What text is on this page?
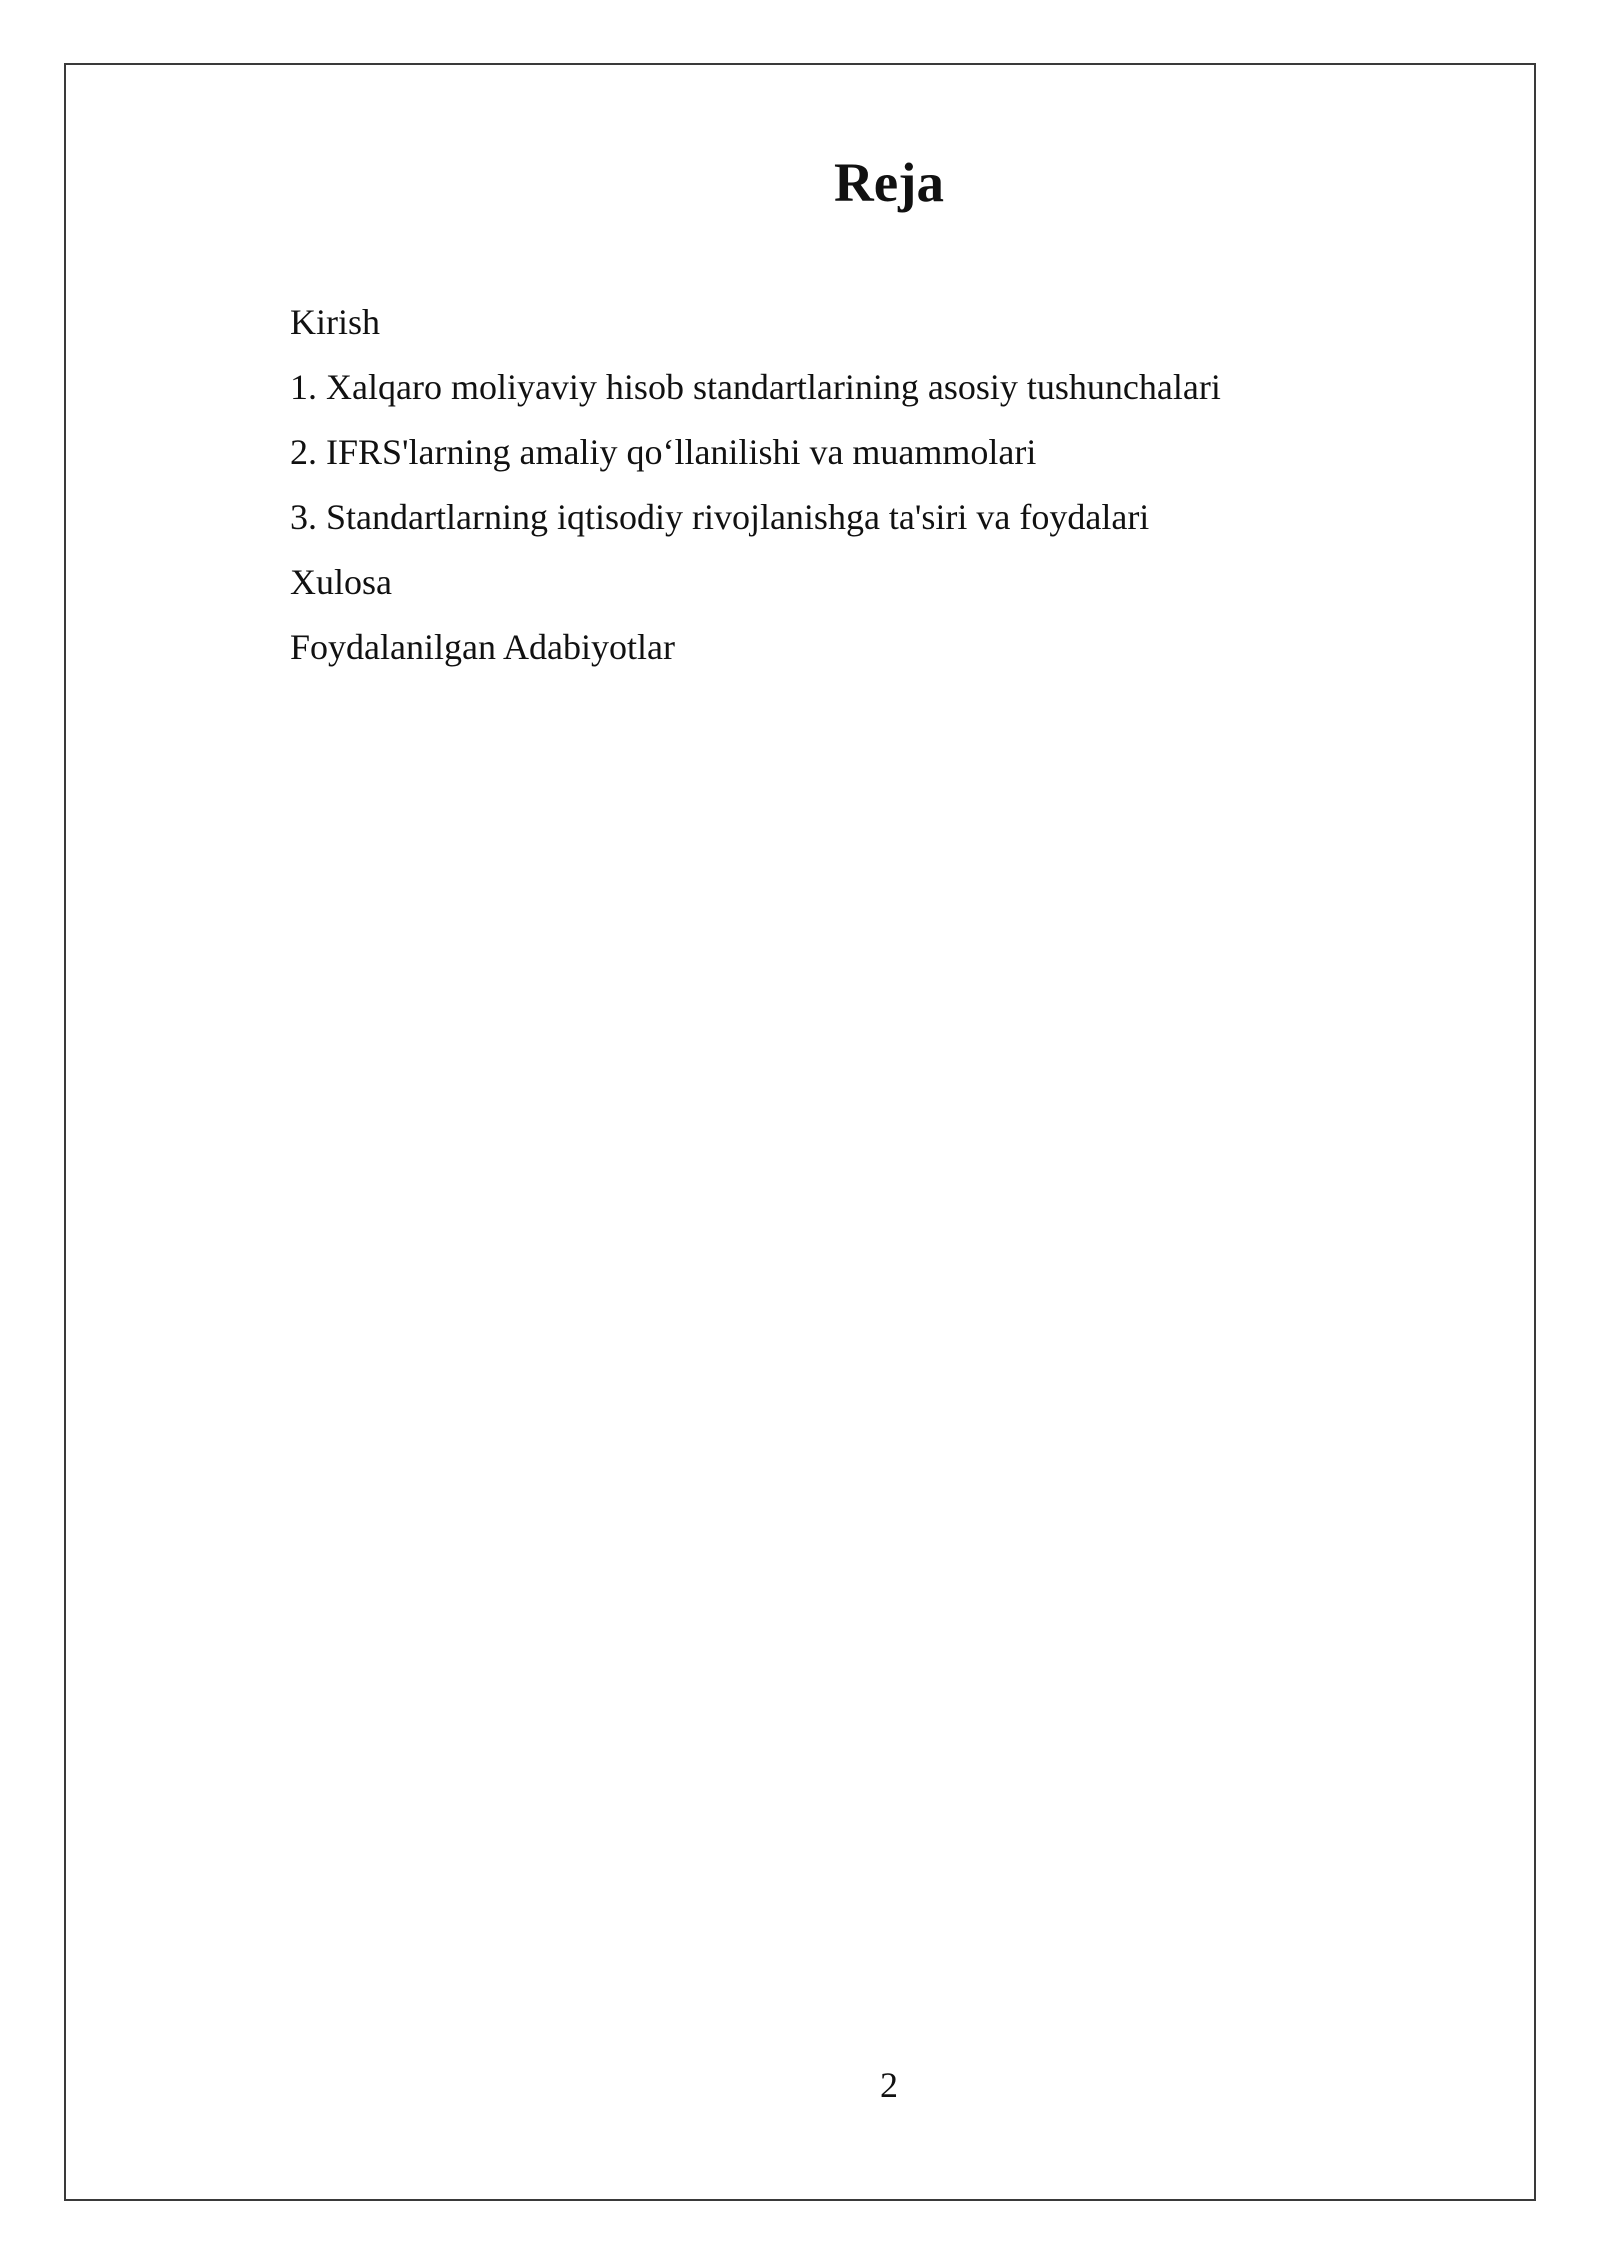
Reja
Kirish
1. Xalqaro moliyaviy hisob standartlarining asosiy tushunchalari
2. IFRS'larning amaliy qo‘llanilishi va muammolari
3. Standartlarning iqtisodiy rivojlanishga ta'siri va foydalari
Xulosa
Foydalanilgan Adabiyotlar
2
